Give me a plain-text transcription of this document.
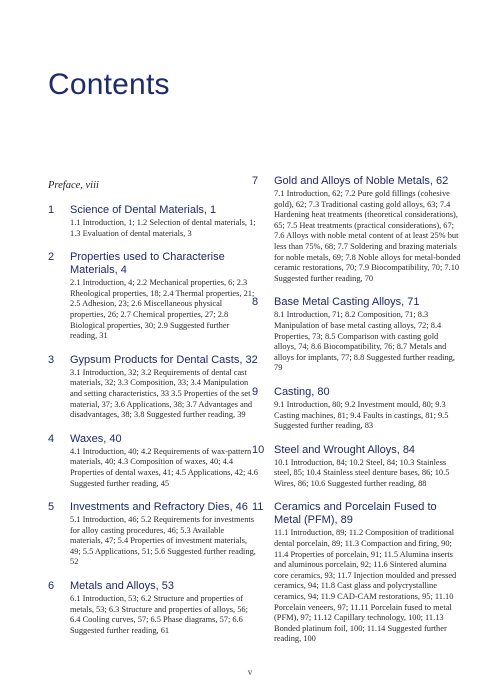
Contents
Preface, viii
1	Science of Dental Materials, 1
1.1 Introduction, 1; 1.2 Selection of dental materials, 1; 1.3 Evaluation of dental materials, 3
2	Properties used to Characterise Materials, 4
2.1 Introduction, 4; 2.2 Mechanical properties, 6; 2.3 Rheological properties, 18; 2.4 Thermal properties, 21; 2.5 Adhesion, 23; 2.6 Miscellaneous physical properties, 26; 2.7 Chemical properties, 27; 2.8 Biological properties, 30; 2.9 Suggested further reading, 31
3	Gypsum Products for Dental Casts, 32
3.1 Introduction, 32; 3.2 Requirements of dental cast materials, 32; 3.3 Composition, 33; 3.4 Manipulation and setting characteristics, 33 3.5 Properties of the set material, 37; 3.6 Applications, 38; 3.7 Advantages and disadvantages, 38; 3.8 Suggested further reading, 39
4	Waxes, 40
4.1 Introduction, 40; 4.2 Requirements of wax-pattern materials, 40; 4.3 Composition of waxes, 40; 4.4 Properties of dental waxes, 41; 4.5 Applications, 42; 4.6 Suggested further reading, 45
5	Investments and Refractory Dies, 46
5.1 Introduction, 46; 5.2 Requirements for investments for alloy casting procedures, 46; 5.3 Available materials, 47; 5.4 Properties of investment materials, 49; 5.5 Applications, 51; 5.6 Suggested further reading, 52
6	Metals and Alloys, 53
6.1 Introduction, 53; 6.2 Structure and properties of metals, 53; 6.3 Structure and properties of alloys, 56; 6.4 Cooling curves, 57; 6.5 Phase diagrams, 57; 6.6 Suggested further reading, 61
7	Gold and Alloys of Noble Metals, 62
7.1 Introduction, 62; 7.2 Pure gold fillings (cohesive gold), 62; 7.3 Traditional casting gold alloys, 63; 7.4 Hardening heat treatments (theoretical considerations), 65; 7.5 Heat treatments (practical considerations), 67; 7.6 Alloys with noble metal content of at least 25% but less than 75%, 68; 7.7 Soldering and brazing materials for noble metals, 69; 7.8 Noble alloys for metal-bonded ceramic restorations, 70; 7.9 Biocompatibility, 70; 7.10 Suggested further reading, 70
8	Base Metal Casting Alloys, 71
8.1 Introduction, 71; 8.2 Composition, 71; 8.3 Manipulation of base metal casting alloys, 72; 8.4 Properties, 73; 8.5 Comparison with casting gold alloys, 74; 8.6 Biocompatibility, 76; 8.7 Metals and alloys for implants, 77; 8.8 Suggested further reading, 79
9	Casting, 80
9.1 Introduction, 80; 9.2 Investment mould, 80; 9.3 Casting machines, 81; 9.4 Faults in castings, 81; 9.5 Suggested further reading, 83
10 Steel and Wrought Alloys, 84
10.1 Introduction, 84; 10.2 Steel, 84; 10.3 Stainless steel, 85; 10.4 Stainless steel denture bases, 86; 10.5 Wires, 86; 10.6 Suggested further reading, 88
11 Ceramics and Porcelain Fused to Metal (PFM), 89
11.1 Introduction, 89; 11.2 Composition of traditional dental porcelain, 89; 11.3 Compaction and firing, 90; 11.4 Properties of porcelain, 91; 11.5 Alumina inserts and aluminous porcelain, 92; 11.6 Sintered alumina core ceramics, 93; 11.7 Injection moulded and pressed ceramics, 94; 11.8 Cast glass and polycrystalline ceramics, 94; 11.9 CAD-CAM restorations, 95; 11.10 Porcelain veneers, 97; 11.11 Porcelain fused to metal (PFM), 97; 11.12 Capillary technology, 100; 11.13 Bonded platinum foil, 100; 11.14 Suggested further reading, 100
v
